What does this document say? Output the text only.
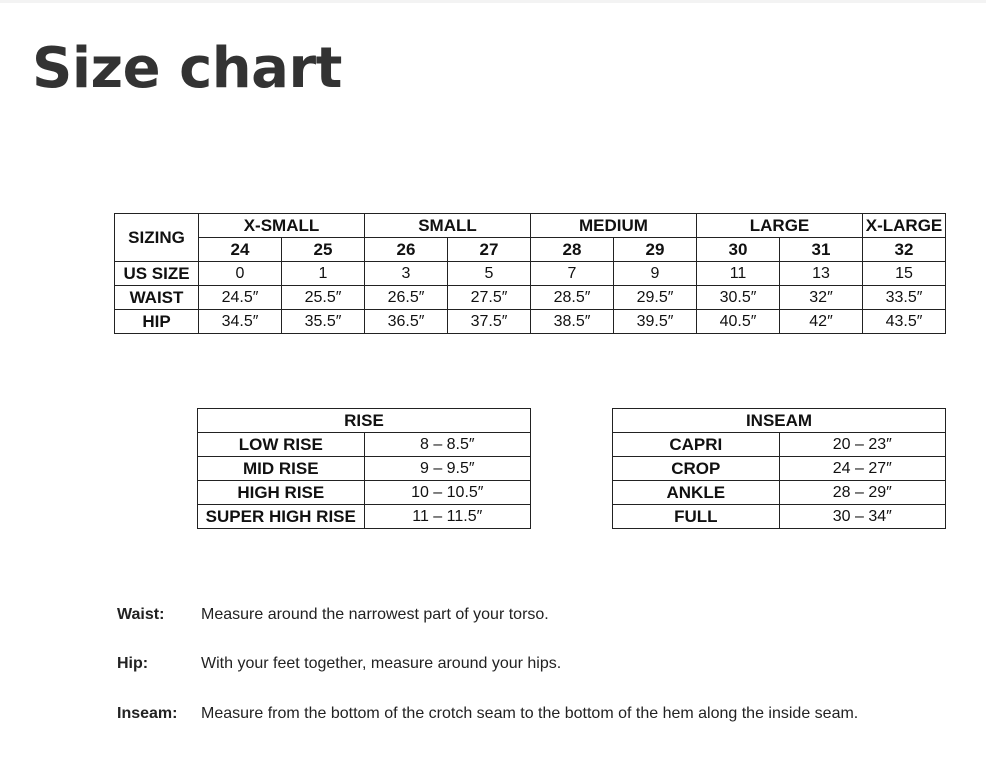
Size chart
SIZING	X-SMALL		SMALL		MEDIUM		LARGE		X-LARGE
	24	25	26	27	28	29	30	31	32
US SIZE	0	1	3	5	7	9	11	13	15
WAIST	24.5″	25.5″	26.5″	27.5″	28.5″	29.5″	30.5″	32″	33.5″
HIP	34.5″	35.5″	36.5″	37.5″	38.5″	39.5″	40.5″	42″	43.5″
RISE	
LOW RISE	8 – 8.5″
MID RISE	9 – 9.5″
HIGH RISE	10 – 10.5″
SUPER HIGH RISE	11 – 11.5″
INSEAM	
CAPRI	20 – 23″
CROP	24 – 27″
ANKLE	28 – 29″
FULL	30 – 34″
Waist: Measure around the narrowest part of your torso.
Hip:	With your feet together, measure around your hips.
Inseam: Measure from the bottom of the crotch seam to the bottom of the hem along the inside seam.
